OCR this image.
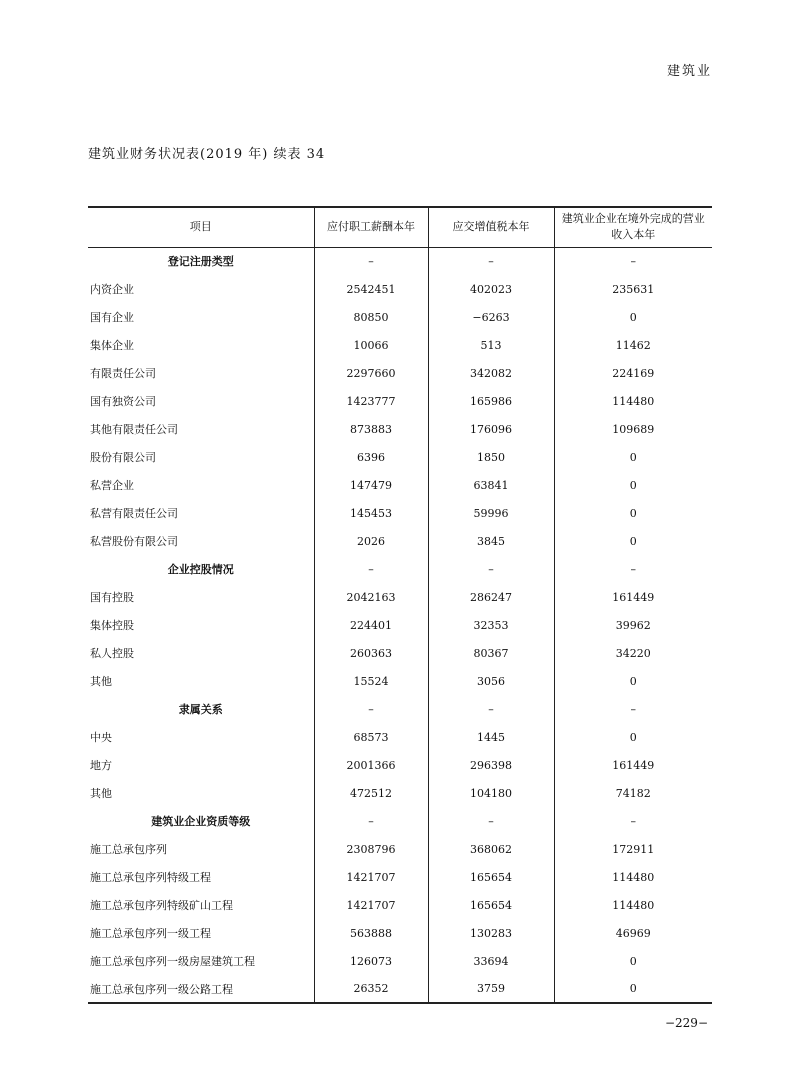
建筑业
建筑业财务状况表(2019 年) 续表 34
项目	应付职工薪酬本年	应交增值税本年	建筑业企业在境外完成的营业收入本年
登记注册类型	–	–	–
内资企业	2542451	402023	235631
国有企业	80850	−6263	0
集体企业	10066	513	11462
有限责任公司	2297660	342082	224169
国有独资公司	1423777	165986	114480
其他有限责任公司	873883	176096	109689
股份有限公司	6396	1850	0
私营企业	147479	63841	0
私营有限责任公司	145453	59996	0
私营股份有限公司	2026	3845	0
企业控股情况	–	–	–
国有控股	2042163	286247	161449
集体控股	224401	32353	39962
私人控股	260363	80367	34220
其他	15524	3056	0
隶属关系	–	–	–
中央	68573	1445	0
地方	2001366	296398	161449
其他	472512	104180	74182
建筑业企业资质等级	–	–	–
施工总承包序列	2308796	368062	172911
施工总承包序列特级工程	1421707	165654	114480
施工总承包序列特级矿山工程	1421707	165654	114480
施工总承包序列一级工程	563888	130283	46969
施工总承包序列一级房屋建筑工程	126073	33694	0
施工总承包序列一级公路工程	26352	3759	0
−229−
